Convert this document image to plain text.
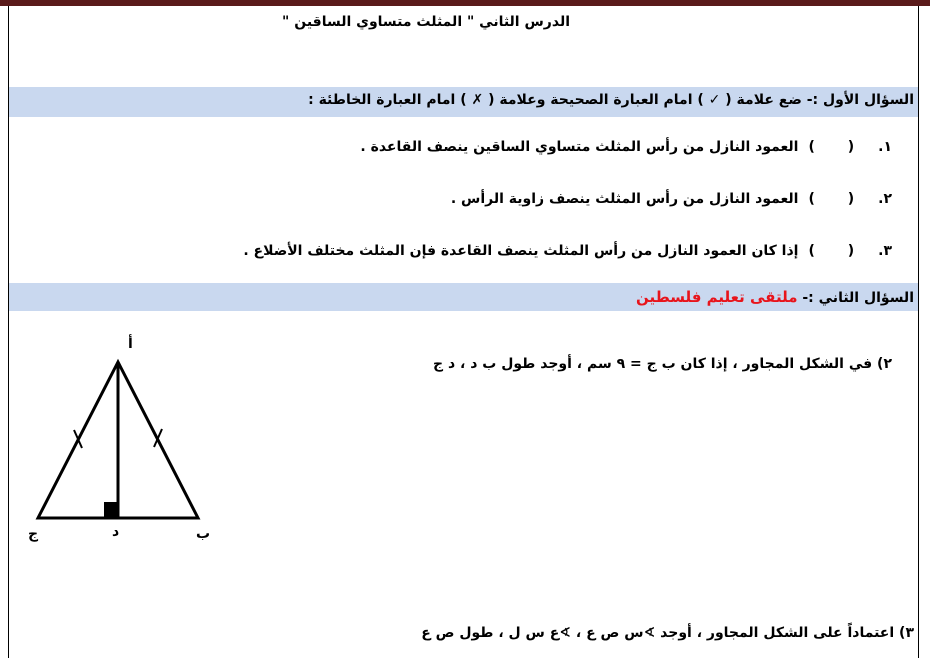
الدرس الثاني " المثلث متساوي الساقين "
السؤال الأول :- ضع علامة ( ✓ ) امام العبارة الصحيحة وعلامة ( ✗ ) امام العبارة الخاطئة :
١.( )العمود النازل من رأس المثلث متساوي الساقين ينصف القاعدة .
٢.( )العمود النازل من رأس المثلث ينصف زاوية الرأس .
٣.( )إذا كان العمود النازل من رأس المثلث ينصف القاعدة فإن المثلث مختلف الأضلاع .
السؤال الثاني :- ملتقى تعليم فلسطين
٢) في الشكل المجاور ، إذا كان ب ج = ٩ سم ، أوجد طول ب د ، د ج
أ
ج	د	ب
٣) اعتماداً على الشكل المجاور ، أوجد ∢س ص ع ، ∢ع س ل ، طول ص ع
